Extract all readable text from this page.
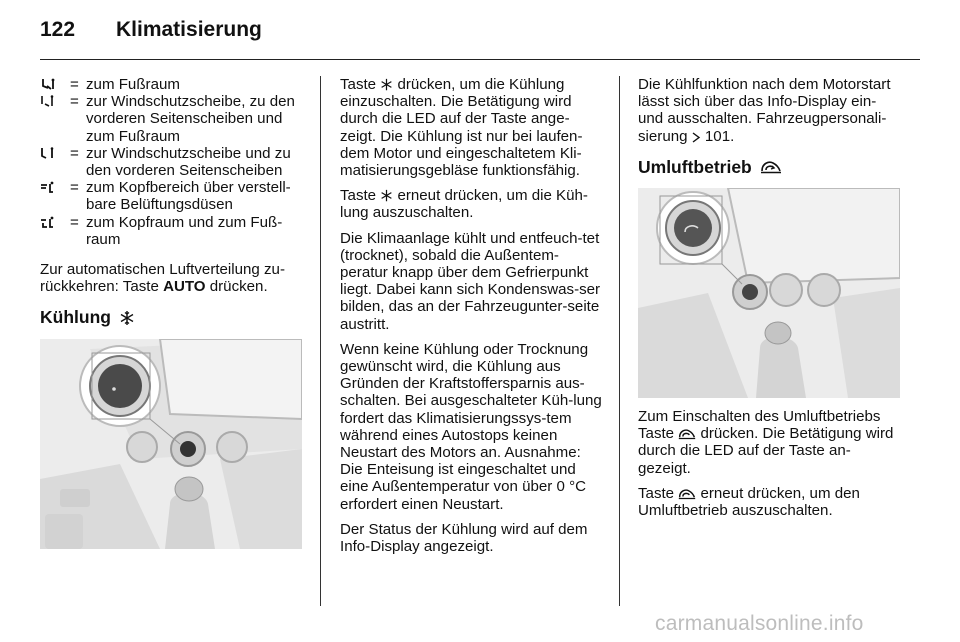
122 Klimatisierung
= zum Fußraum
= zur Windschutzscheibe, zu den vorderen Seitenscheiben und zum Fußraum
= zur Windschutzscheibe und zu den vorderen Seitenscheiben
= zum Kopfbereich über verstell-bare Belüftungsdüsen
= zum Kopfraum und zum Fuß-raum

Zur automatischen Luftverteilung zu-rückkehren: Taste AUTO drücken.

Kühlung

Taste  drücken, um die Kühlung einzuschalten. Die Betätigung wird durch die LED auf der Taste ange-zeigt. Die Kühlung ist nur bei laufen-dem Motor und eingeschaltetem Kli-matisierungsgebläse funktionsfähig.

Taste  erneut drücken, um die Küh-lung auszuschalten.

Die Klimaanlage kühlt und entfeuch-tet (trocknet), sobald die Außentem-peratur knapp über dem Gefrierpunkt liegt. Dabei kann sich Kondenswas-ser bilden, das an der Fahrzeugunter-seite austritt.

Wenn keine Kühlung oder Trocknung gewünscht wird, die Kühlung aus Gründen der Kraftstoffersparnis aus-schalten. Bei ausgeschalteter Küh-lung fordert das Klimatisierungssys-tem während eines Autostops keinen Neustart des Motors an. Ausnahme: Die Enteisung ist eingeschaltet und eine Außentemperatur von über 0 °C erfordert einen Neustart.

Der Status der Kühlung wird auf dem Info-Display angezeigt.

Die Kühlfunktion nach dem Motorstart lässt sich über das Info-Display ein- und ausschalten. Fahrzeugpersonali-sierung  101.

Umluftbetrieb

Zum Einschalten des Umluftbetriebs Taste  drücken. Die Betätigung wird durch die LED auf der Taste an-gezeigt.

Taste  erneut drücken, um den Umluftbetrieb auszuschalten.

carmanualsonline.info
